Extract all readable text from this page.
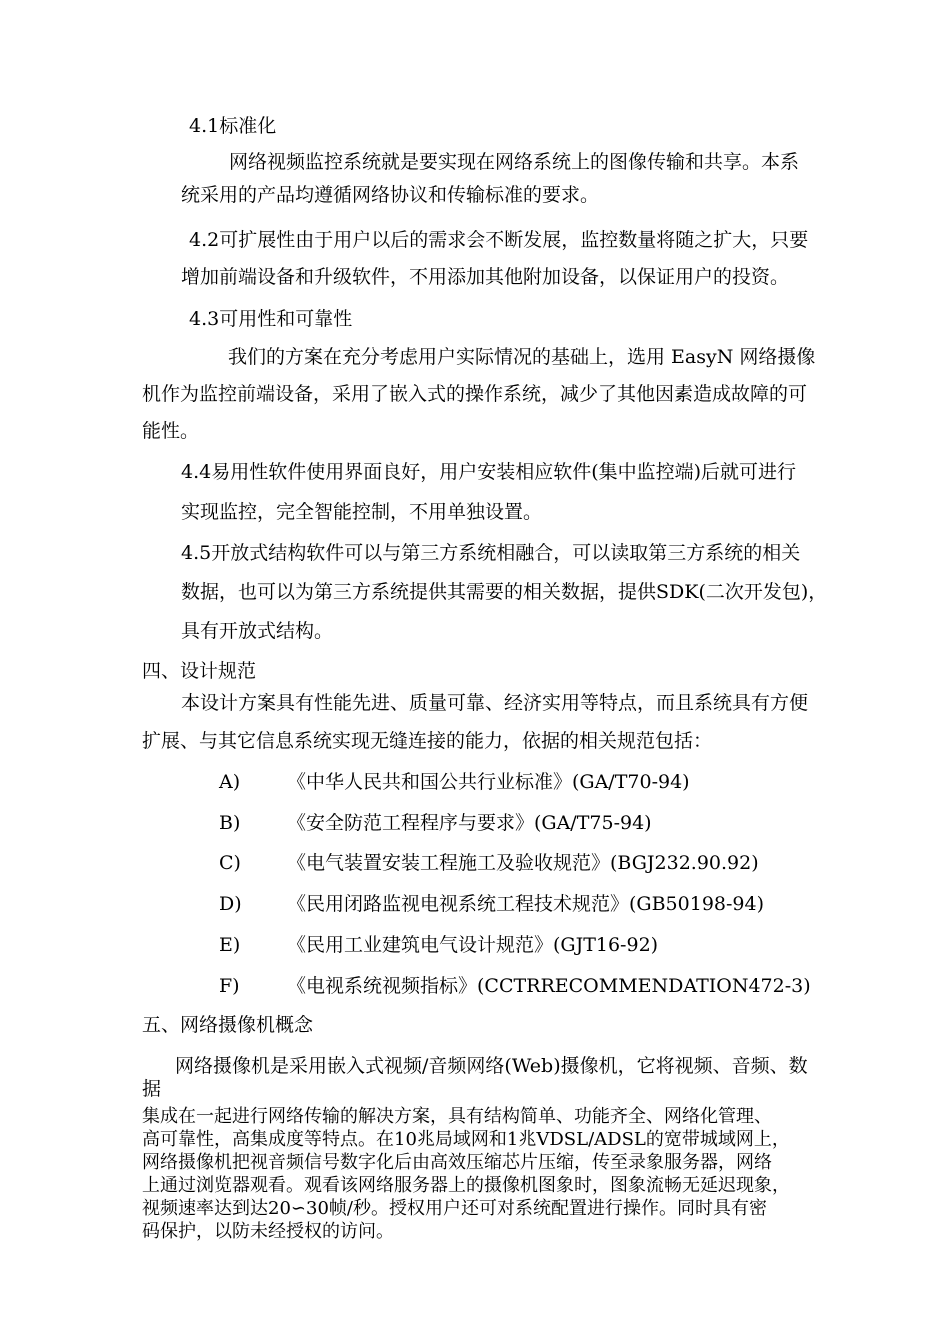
4.1标准化
网络视频监控系统就是要实现在网络系统上的图像传输和共享。本系
统采用的产品均遵循网络协议和传输标准的要求。
4.2可扩展性由于用户以后的需求会不断发展，监控数量将随之扩大，只要
增加前端设备和升级软件，不用添加其他附加设备，以保证用户的投资。
4.3可用性和可靠性
我们的方案在充分考虑用户实际情况的基础上，选用 EasyN 网络摄像
机作为监控前端设备，采用了嵌入式的操作系统，减少了其他因素造成故障的可
能性。
4.4易用性软件使用界面良好，用户安装相应软件(集中监控端)后就可进行
实现监控，完全智能控制，不用单独设置。
4.5开放式结构软件可以与第三方系统相融合，可以读取第三方系统的相关
数据，也可以为第三方系统提供其需要的相关数据，提供SDK(二次开发包)，
具有开放式结构。
四、设计规范
本设计方案具有性能先进、质量可靠、经济实用等特点，而且系统具有方便
扩展、与其它信息系统实现无缝连接的能力，依据的相关规范包括：
A) 《中华人民共和国公共行业标准》(GA/T70-94)
B) 《安全防范工程程序与要求》(GA/T75-94)
C) 《电气装置安装工程施工及验收规范》(BGJ232.90.92)
D) 《民用闭路监视电视系统工程技术规范》(GB50198-94)
E) 《民用工业建筑电气设计规范》(GJT16-92)
F) 《电视系统视频指标》(CCTRRECOMMENDATION472-3)
五、网络摄像机概念
网络摄像机是采用嵌入式视频/音频网络(Web)摄像机，它将视频、音频、数
据
集成在一起进行网络传输的解决方案，具有结构简单、功能齐全、网络化管理、
高可靠性，高集成度等特点。在10兆局域网和1兆VDSL/ADSL的宽带城域网上，
网络摄像机把视音频信号数字化后由高效压缩芯片压缩，传至录象服务器，网络
上通过浏览器观看。观看该网络服务器上的摄像机图象时，图象流畅无延迟现象，
视频速率达到达20∽30帧/秒。授权用户还可对系统配置进行操作。同时具有密
码保护，以防未经授权的访问。
